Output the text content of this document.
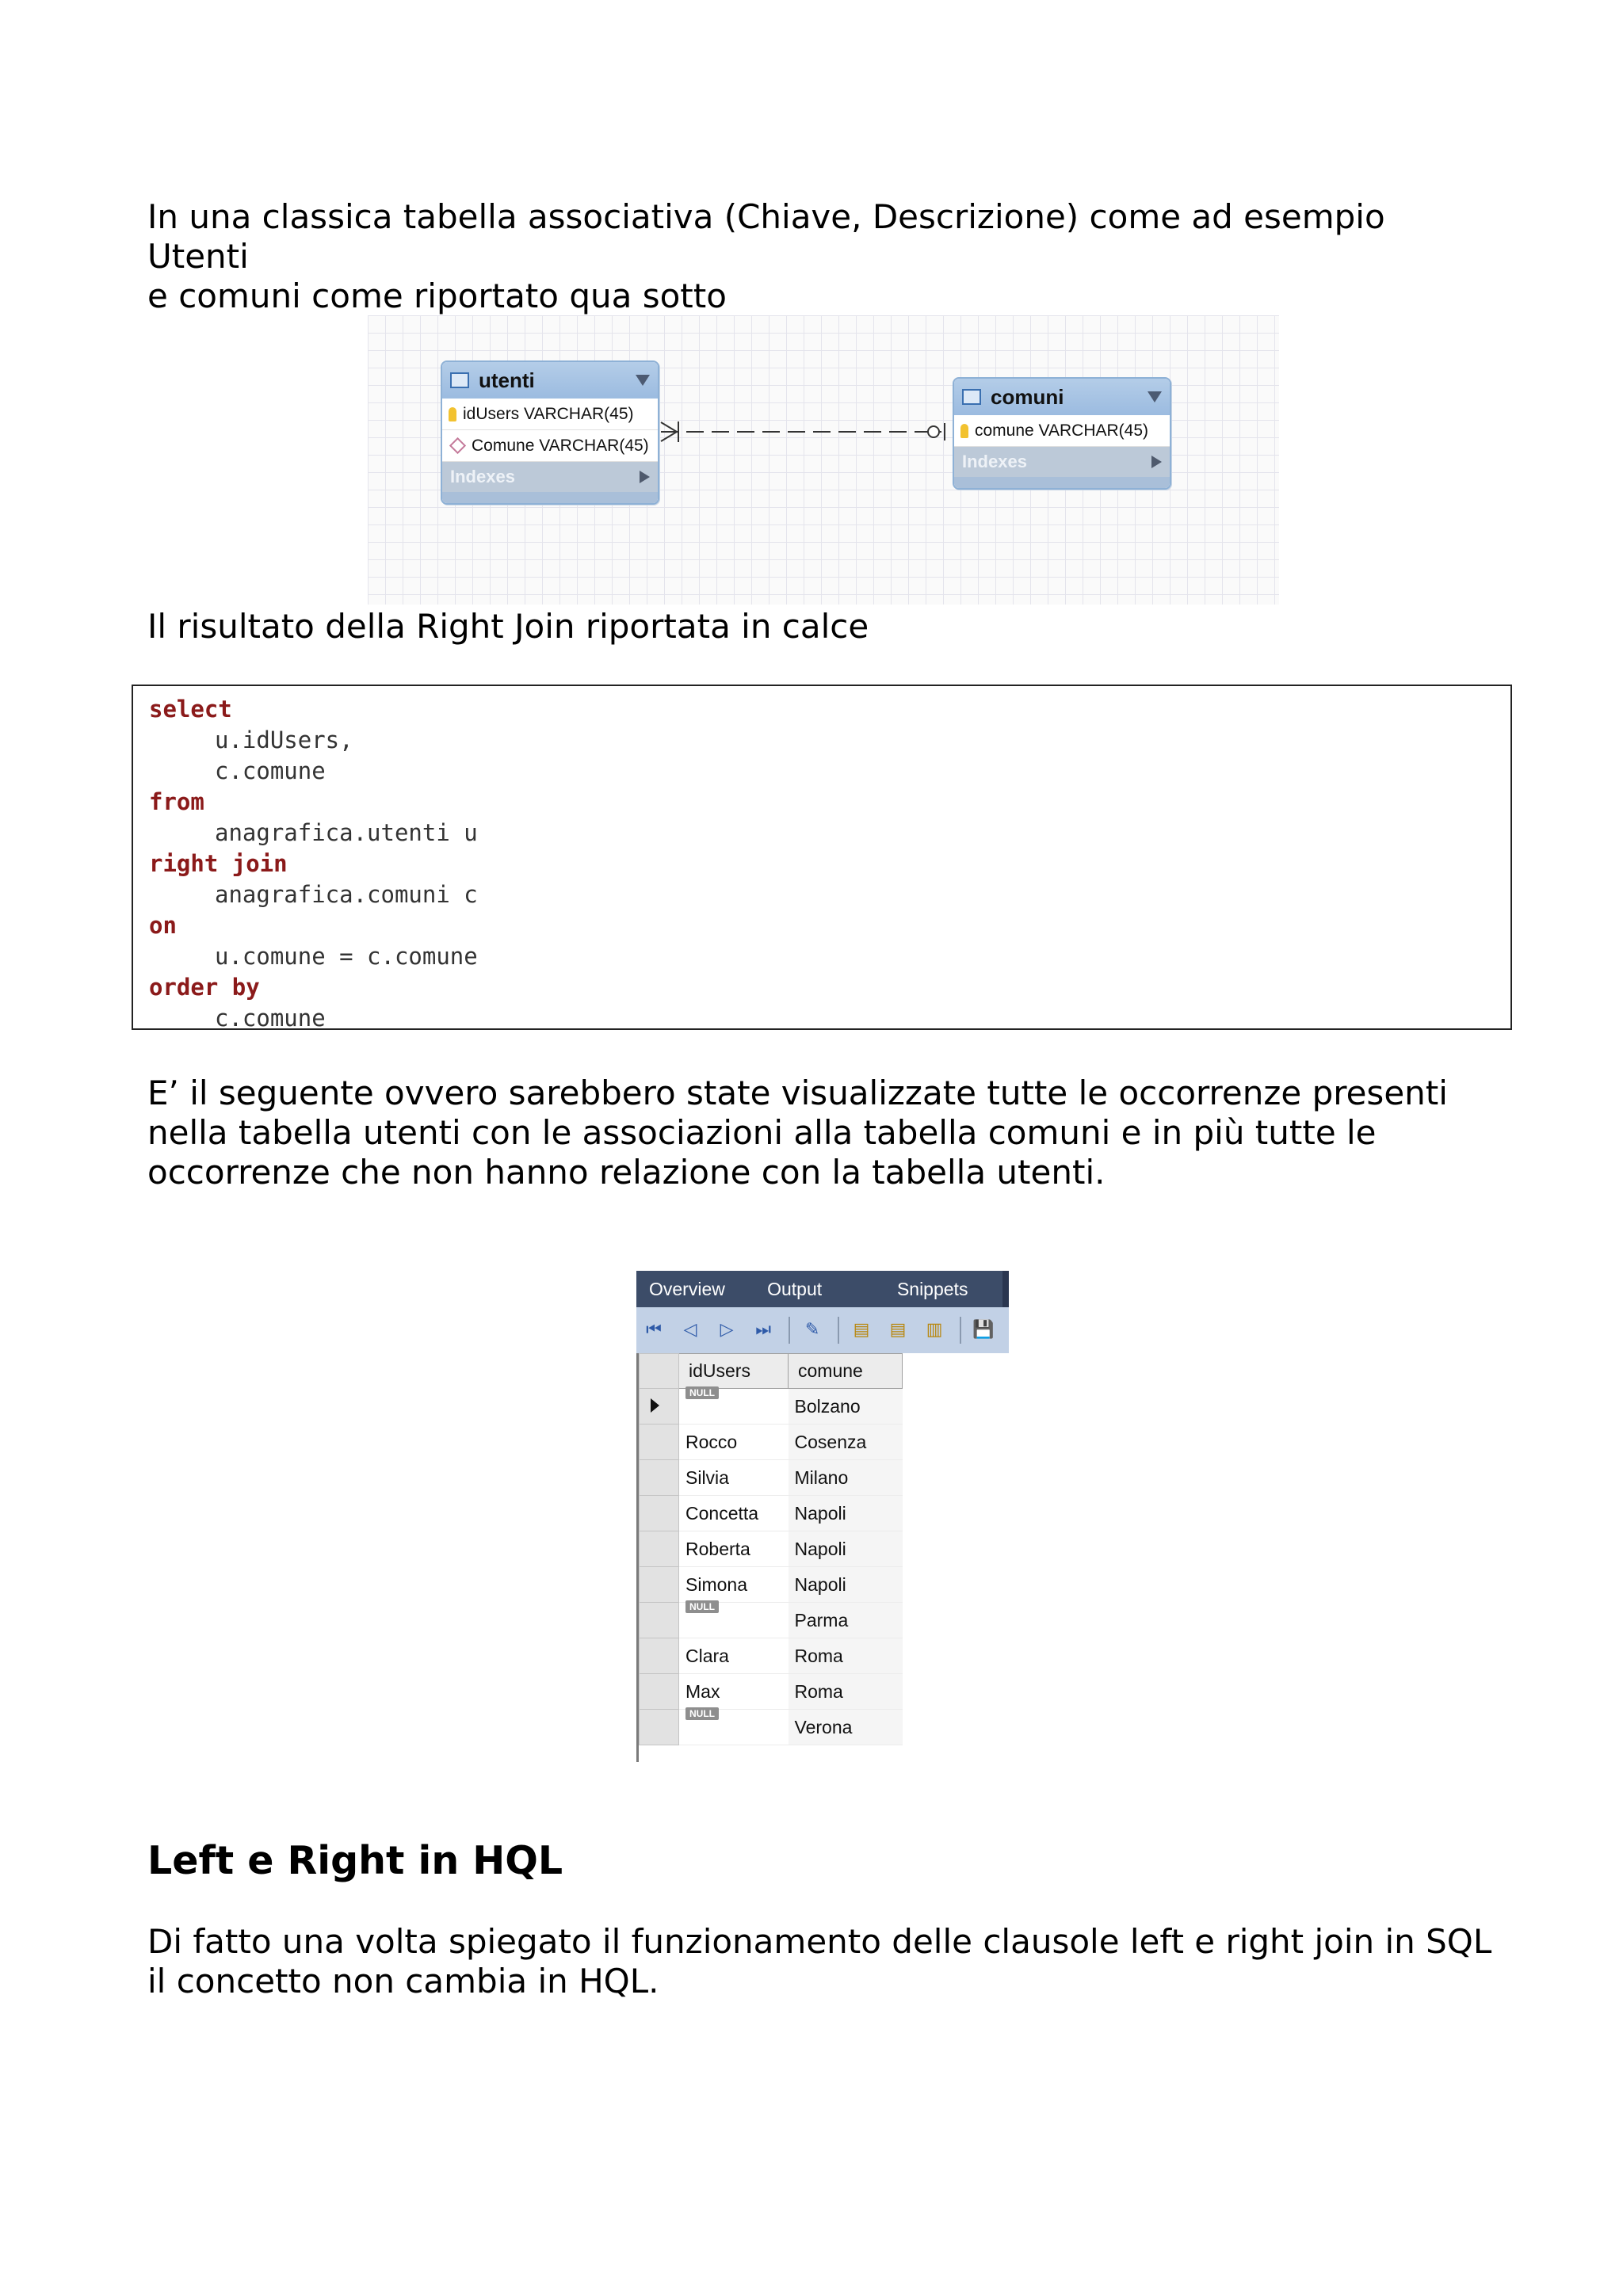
In una classica tabella associativa (Chiave, Descrizione) come ad esempio Utenti
e comuni come riportato qua sotto
utenti
idUsers VARCHAR(45)
Comune VARCHAR(45)
Indexes
comuni
comune VARCHAR(45)
Indexes
Il risultato della Right Join riportata in calce
select
u.idUsers,
c.comune
from
anagrafica.utenti u
right join
anagrafica.comuni c
on
u.comune = c.comune
order by
c.comune
E’ il seguente ovvero sarebbero state visualizzate tutte le occorrenze presenti
nella tabella utenti con le associazioni alla tabella comuni e in più tutte le
occorrenze che non hanno relazione con la tabella utenti.
Overview	Output	Snippets
⏮ ◁ ▷ ⏭ ✎ ▤ ▤ ▥ 💾
	idUsers	comune
	NULL	Bolzano
	Rocco	Cosenza
	Silvia	Milano
	Concetta	Napoli
	Roberta	Napoli
	Simona	Napoli
	NULL	Parma
	Clara	Roma
	Max	Roma
	NULL	Verona
Left e Right in HQL
Di fatto una volta spiegato il funzionamento delle clausole left e right join in SQL
il concetto non cambia in HQL.
